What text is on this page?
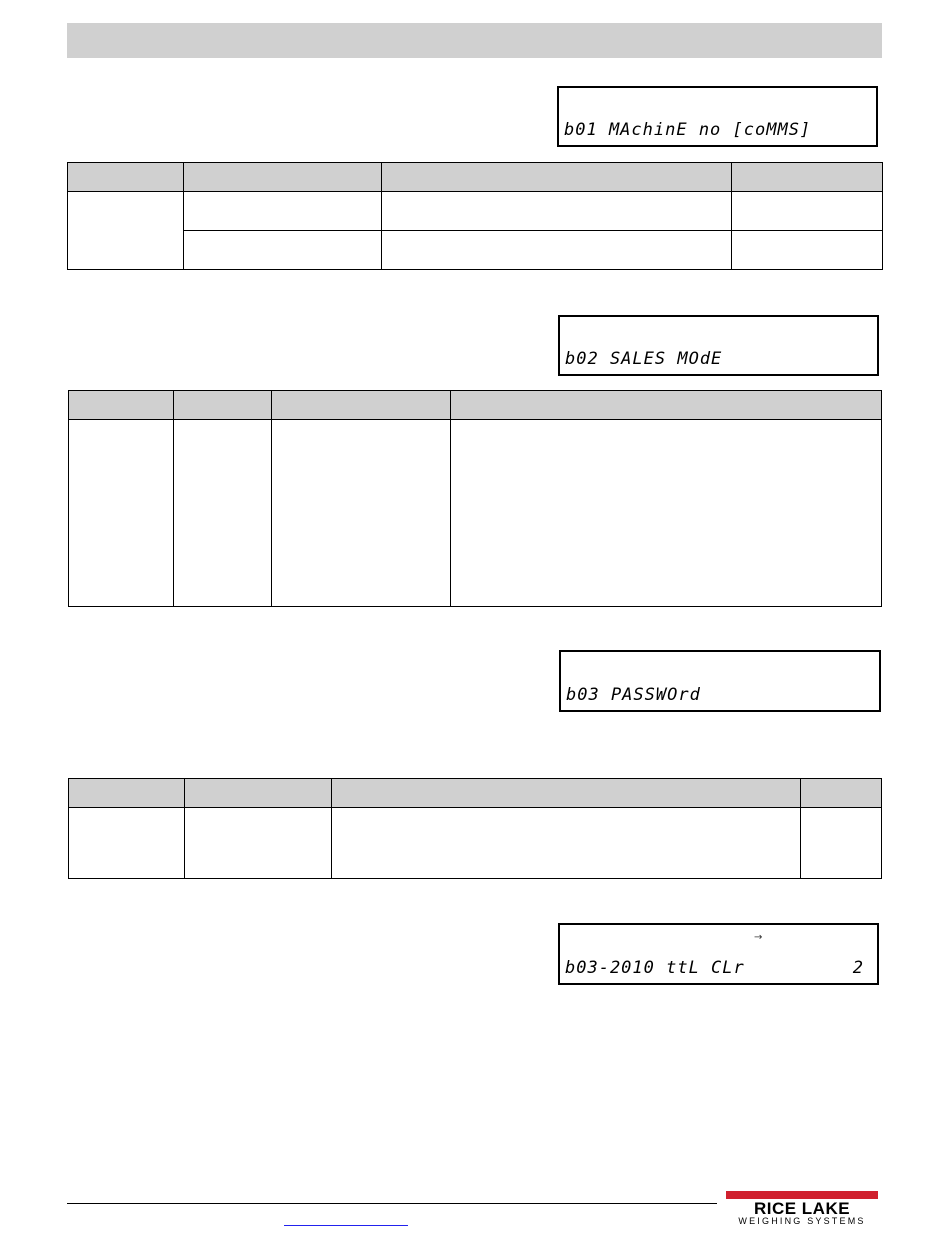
b01 MAchinE no [coMMS]

b02 SALES MOdE

b03 PASSWOrd

→
b03-2010 ttL CLr	2
RICE LAKE
WEIGHING SYSTEMS
